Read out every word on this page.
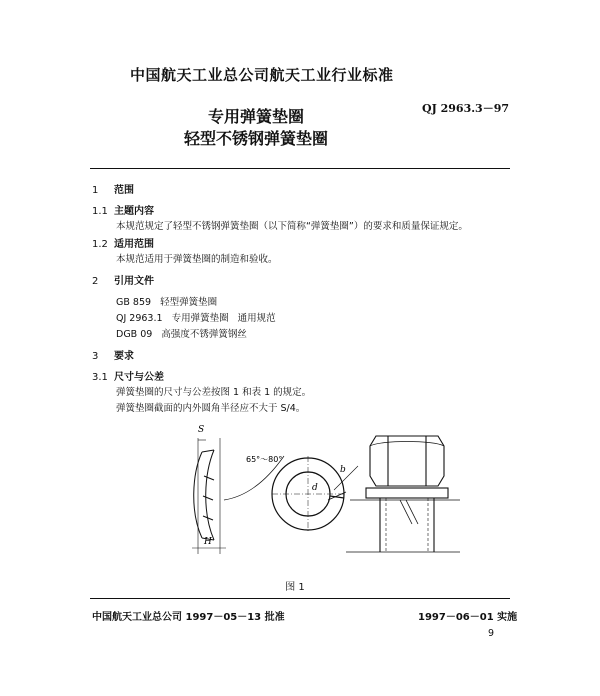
中国航天工业总公司航天工业行业标准
QJ 2963.3－97
专用弹簧垫圈
轻型不锈钢弹簧垫圈
1 范围
1.1 主题内容
本规范规定了轻型不锈钢弹簧垫圈（以下简称“弹簧垫圈”）的要求和质量保证规定。
1.2 适用范围
本规范适用于弹簧垫圈的制造和验收。
2 引用文件
GB 859   轻型弹簧垫圈
QJ 2963.1   专用弹簧垫圈   通用规范
DGB 09   高强度不锈弹簧钢丝
3 要求
3.1 尺寸与公差
弹簧垫圈的尺寸与公差按图 1 和表 1 的规定。
弹簧垫圈截面的内外圆角半径应不大于 S/4。
S
H
65°～80°
b
d
图 1
中国航天工业总公司 1997－05－13 批准	1997－06－01 实施
9
